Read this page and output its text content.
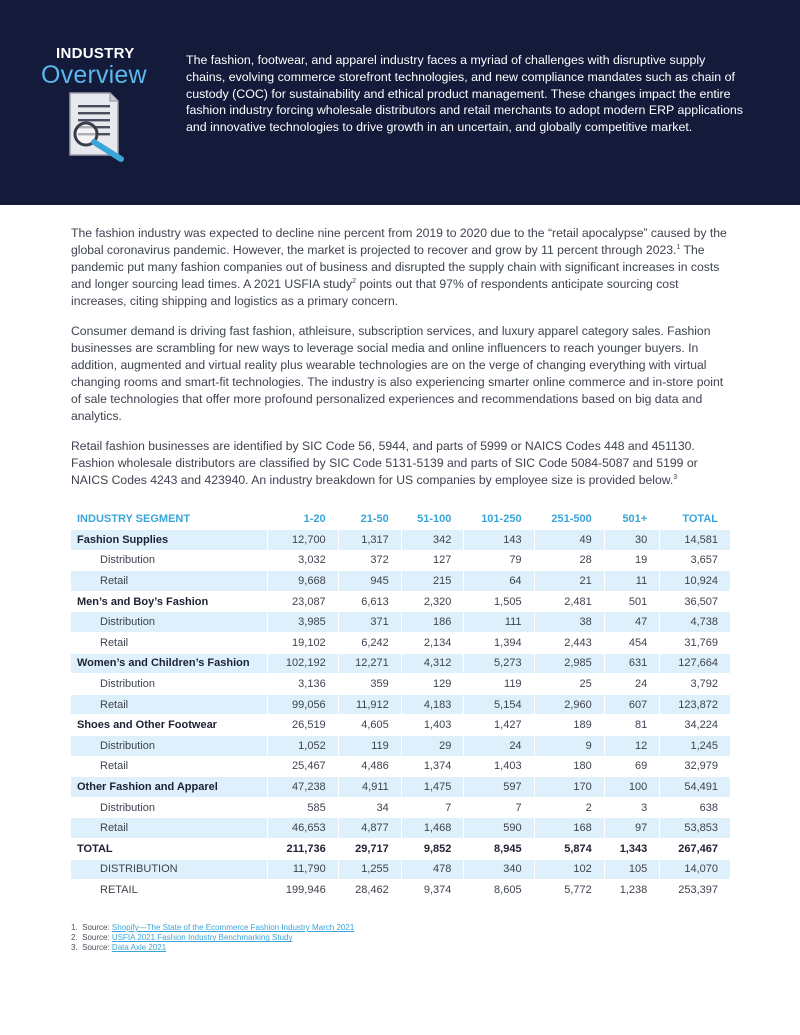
INDUSTRY
Overview
The fashion, footwear, and apparel industry faces a myriad of challenges with disruptive supply chains, evolving commerce storefront technologies, and new compliance mandates such as chain of custody (COC) for sustainability and ethical product management. These changes impact the entire fashion industry forcing wholesale distributors and retail merchants to adopt modern ERP applications and innovative technologies to drive growth in an uncertain, and globally competitive market.

The fashion industry was expected to decline nine percent from 2019 to 2020 due to the “retail apocalypse” caused by the global coronavirus pandemic. However, the market is projected to recover and grow by 11 percent through 2023.$^1$ The pandemic put many fashion companies out of business and disrupted the supply chain with significant increases in costs and longer sourcing lead times. A 2021 USFIA study$^2$ points out that 97% of respondents anticipate sourcing cost increases, citing shipping and logistics as a primary concern.

Consumer demand is driving fast fashion, athleisure, subscription services, and luxury apparel category sales. Fashion businesses are scrambling for new ways to leverage social media and online influencers to reach younger buyers. In addition, augmented and virtual reality plus wearable technologies are on the verge of changing everything with virtual changing rooms and smart-fit technologies. The industry is also experiencing smarter online commerce and in-store point of sale technologies that offer more profound personalized experiences and recommendations based on big data and analytics.

Retail fashion businesses are identified by SIC Code 56, 5944, and parts of 5999 or NAICS Codes 448 and 451130. Fashion wholesale distributors are classified by SIC Code 5131-5139 and parts of SIC Code 5084-5087 and 5199 or NAICS Codes 4243 and 423940. An industry breakdown for US companies by employee size is provided below.$^3$

INDUSTRY SEGMENT	1-20	21-50	51-100	101-250	251-500	501+	TOTAL
Fashion Supplies	12,700	1,317	342	143	49	30	14,581
Distribution	3,032	372	127	79	28	19	3,657
Retail	9,668	945	215	64	21	11	10,924
Men’s and Boy’s Fashion	23,087	6,613	2,320	1,505	2,481	501	36,507
Distribution	3,985	371	186	111	38	47	4,738
Retail	19,102	6,242	2,134	1,394	2,443	454	31,769
Women’s and Children’s Fashion	102,192	12,271	4,312	5,273	2,985	631	127,664
Distribution	3,136	359	129	119	25	24	3,792
Retail	99,056	11,912	4,183	5,154	2,960	607	123,872
Shoes and Other Footwear	26,519	4,605	1,403	1,427	189	81	34,224
Distribution	1,052	119	29	24	9	12	1,245
Retail	25,467	4,486	1,374	1,403	180	69	32,979
Other Fashion and Apparel	47,238	4,911	1,475	597	170	100	54,491
Distribution	585	34	7	7	2	3	638
Retail	46,653	4,877	1,468	590	168	97	53,853
TOTAL	211,736	29,717	9,852	8,945	5,874	1,343	267,467
DISTRIBUTION	11,790	1,255	478	340	102	105	14,070
RETAIL	199,946	28,462	9,374	8,605	5,772	1,238	253,397
1.  Source: Shopify—The State of the Ecommerce Fashion Industry March 2021
2.  Source: USFIA 2021 Fashion Industry Benchmarking Study
3.  Source: Data Axle 2021
